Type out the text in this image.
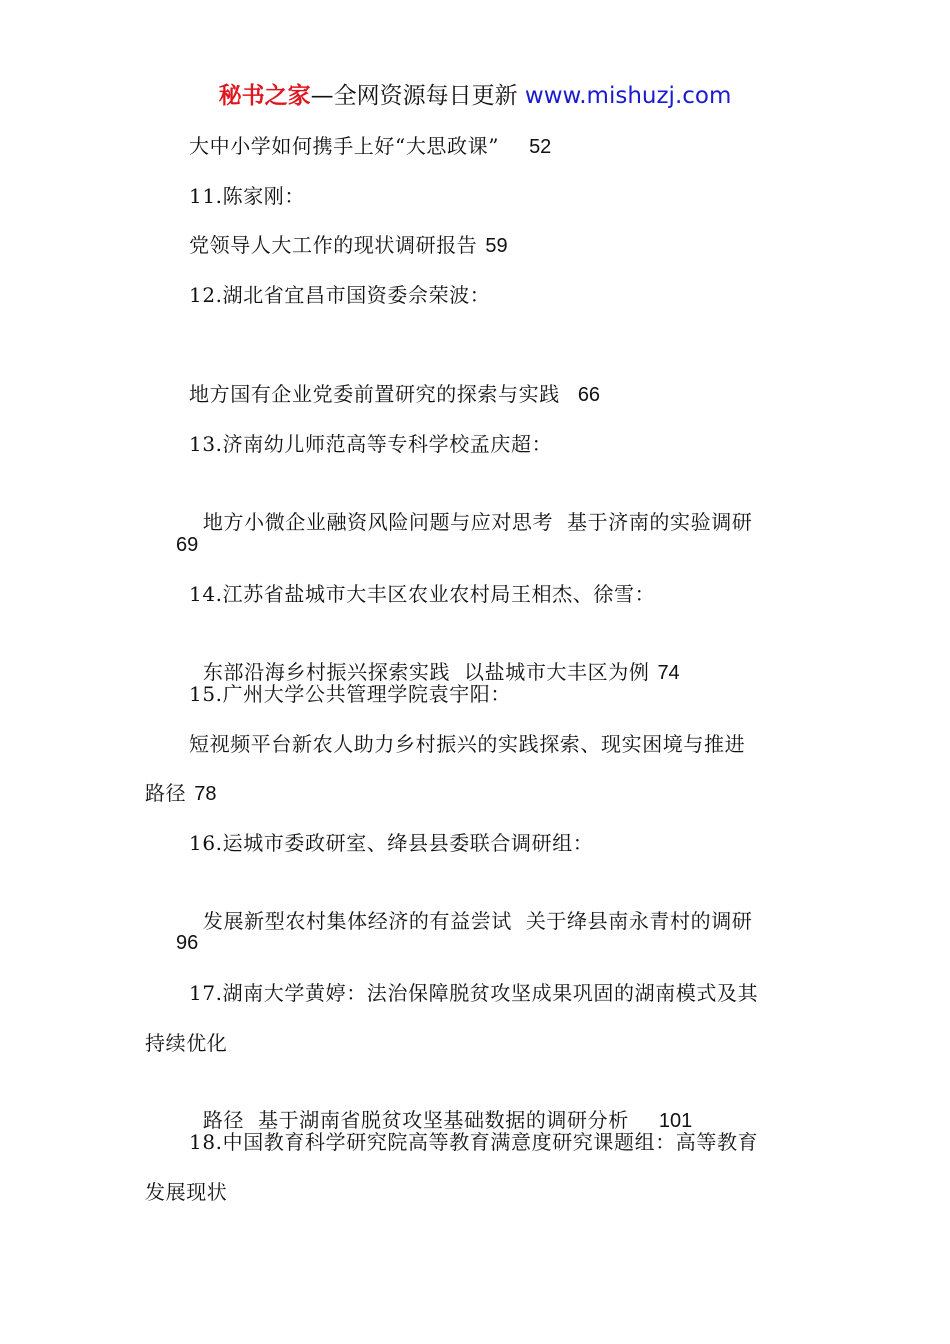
秘书之家—全网资源每日更新 www.mishuzj.com
大中小学如何携手上好“大思政课” 52
11.陈家刚：
党领导人大工作的现状调研报告 59
12.湖北省宜昌市国资委佘荣波：
地方国有企业党委前置研究的探索与实践 66
13.济南幼儿师范高等专科学校孟庆超：

地方小微企业融资风险问题与应对思考  基于济南的实验调研

69
14.江苏省盐城市大丰区农业农村局王相杰、徐雪：

东部沿海乡村振兴探索实践  以盐城市大丰区为例 74

15.广州大学公共管理学院袁宇阳：
短视频平台新农人助力乡村振兴的实践探索、现实困境与推进
路径 78
16.运城市委政研室、绛县县委联合调研组：

发展新型农村集体经济的有益尝试  关于绛县南永青村的调研

96
17.湖南大学黄婷：法治保障脱贫攻坚成果巩固的湖南模式及其
持续优化

路径  基于湖南省脱贫攻坚基础数据的调研分析 101

18.中国教育科学研究院高等教育满意度研究课题组：高等教育
发展现状
